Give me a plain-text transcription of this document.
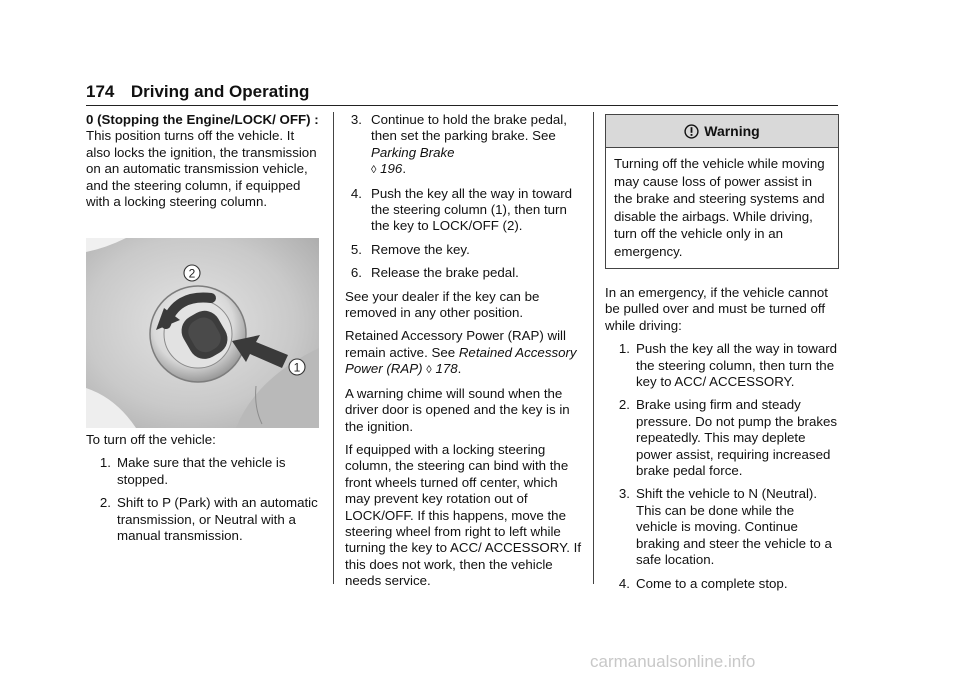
174 Driving and Operating

0 (Stopping the Engine/LOCK/ OFF) : This position turns off the vehicle. It also locks the ignition, the transmission on an automatic transmission vehicle, and the steering column, if equipped with a locking steering column.

2
1

To turn off the vehicle:

1. Make sure that the vehicle is stopped.
2. Shift to P (Park) with an automatic transmission, or Neutral with a manual transmission.
3. Continue to hold the brake pedal, then set the parking brake. See Parking Brake
◊ 196.
4. Push the key all the way in toward the steering column (1), then turn the key to LOCK/OFF (2).
5. Remove the key.
6. Release the brake pedal.

See your dealer if the key can be removed in any other position.

Retained Accessory Power (RAP) will remain active. See Retained Accessory Power (RAP) ◊ 178.

A warning chime will sound when the driver door is opened and the key is in the ignition.

If equipped with a locking steering column, the steering can bind with the front wheels turned off center, which may prevent key rotation out of LOCK/OFF. If this happens, move the steering wheel from right to left while turning the key to ACC/ ACCESSORY. If this does not work, then the vehicle needs service.

Warning
Turning off the vehicle while moving may cause loss of power assist in the brake and steering systems and disable the airbags. While driving, turn off the vehicle only in an emergency.

In an emergency, if the vehicle cannot be pulled over and must be turned off while driving:

1. Push the key all the way in toward the steering column, then turn the key to ACC/ ACCESSORY.
2. Brake using firm and steady pressure. Do not pump the brakes repeatedly. This may deplete power assist, requiring increased brake pedal force.
3. Shift the vehicle to N (Neutral). This can be done while the vehicle is moving. Continue braking and steer the vehicle to a safe location.
4. Come to a complete stop.
carmanualsonline.info
